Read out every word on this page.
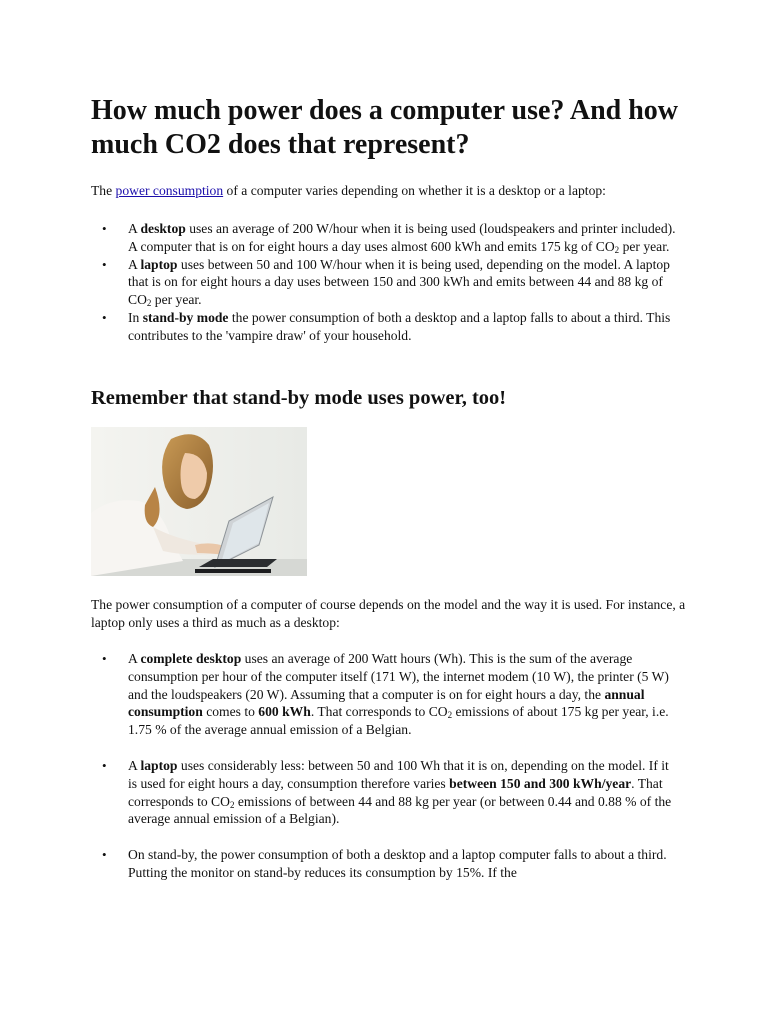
How much power does a computer use? And how much CO2 does that represent?

The power consumption of a computer varies depending on whether it is a desktop or a laptop:

• A desktop uses an average of 200 W/hour when it is being used (loudspeakers and printer included). A computer that is on for eight hours a day uses almost 600 kWh and emits 175 kg of $CO_2$ per year.
• A laptop uses between 50 and 100 W/hour when it is being used, depending on the model. A laptop that is on for eight hours a day uses between 150 and 300 kWh and emits between 44 and 88 kg of $CO_2$ per year.
• In stand-by mode the power consumption of both a desktop and a laptop falls to about a third. This contributes to the 'vampire draw' of your household.
Remember that stand-by mode uses power, too!

The power consumption of a computer of course depends on the model and the way it is used. For instance, a laptop only uses a third as much as a desktop:

• A complete desktop uses an average of 200 Watt hours (Wh). This is the sum of the average consumption per hour of the computer itself (171 W), the internet modem (10 W), the printer (5 W) and the loudspeakers (20 W). Assuming that a computer is on for eight hours a day, the annual consumption comes to 600 kWh. That corresponds to $CO_2$ emissions of about 175 kg per year, i.e. 1.75 % of the average annual emission of a Belgian.
• A laptop uses considerably less: between 50 and 100 Wh that it is on, depending on the model. If it is used for eight hours a day, consumption therefore varies between 150 and 300 kWh/year. That corresponds to $CO_2$ emissions of between 44 and 88 kg per year (or between 0.44 and 0.88 % of the average annual emission of a Belgian).
• On stand-by, the power consumption of both a desktop and a laptop computer falls to about a third. Putting the monitor on stand-by reduces its consumption by 15%. If the
